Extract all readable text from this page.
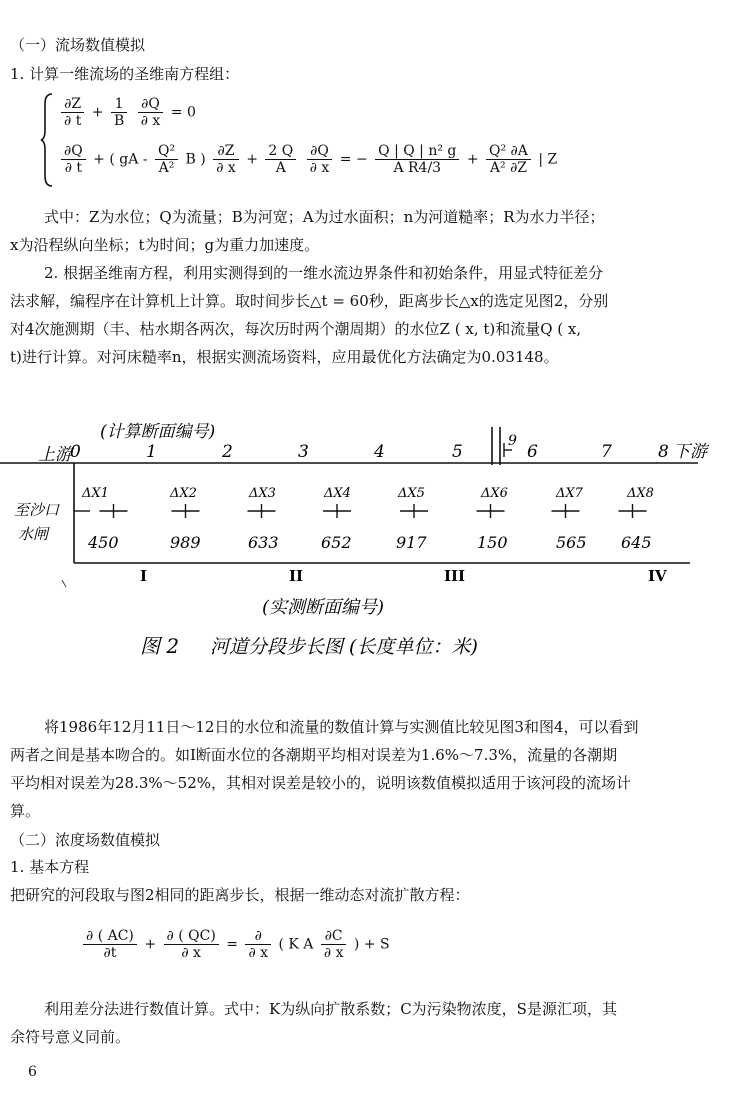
（一）流场数值模拟
1. 计算一维流场的圣维南方程组：
$\frac{\partial Z}{\partial t} + \frac{1}{B}$
$\frac{\partial Q}{\partial x} = 0$
$\frac{\partial Q}{\partial t}$ + ( gA - $\frac{\text{Q²}}{\text{A²}}$ B ) $\frac{\partial Z}{\partial x} + \frac{2 Q}{A}$
$\frac{\partial Q}{\partial x}$ = − $\frac{\text{Q | Q | n² g}}{\text{A R4/3}} + \frac{\text{Q² ∂A}}{\text{A² ∂Z}}$ | Z
式中：Z为水位；Q为流量；B为河宽；A为过水面积；n为河道糙率；R为水力半径；
x为沿程纵向坐标；t为时间；g为重力加速度。
2. 根据圣维南方程，利用实测得到的一维水流边界条件和初始条件，用显式特征差分
法求解，编程序在计算机上计算。取时间步长△t = 60秒，距离步长△x的选定见图2，分别
对4次施测期（丰、枯水期各两次，每次历时两个潮周期）的水位Z ( x, t)和流量Q ( x,
t)进行计算。对河床糙率n，根据实测流场资料，应用最优化方法确定为0.03148。
(计算断面编号)
上游	下游
至沙口
水闸
9
0	1	2	3	4	5	6	7	8
ΔX1	ΔX2	ΔX3	ΔX4	ΔX5	ΔX6	ΔX7	ΔX8
450	989	633	652	917	150	565 645
I	II	III	IV
(实测断面编号)
图 2 河道分段步长图 (长度单位：米)
将1986年12月11日～12日的水位和流量的数值计算与实测值比较见图3和图4，可以看到
两者之间是基本吻合的。如Ⅰ断面水位的各潮期平均相对误差为1.6%～7.3%，流量的各潮期
平均相对误差为28.3%～52%，其相对误差是较小的，说明该数值模拟适用于该河段的流场计
算。
（二）浓度场数值模拟
1. 基本方程
把研究的河段取与图2相同的距离步长，根据一维动态对流扩散方程：
$\frac{\partial ( AC)}{\partial t} + \frac{\partial ( QC)}{\partial x} = \frac{\partial}{\partial x}$ ( K A $\frac{\partial C}{\partial x}$ ) + S
利用差分法进行数值计算。式中：K为纵向扩散系数；C为污染物浓度，S是源汇项，其
余符号意义同前。
6
